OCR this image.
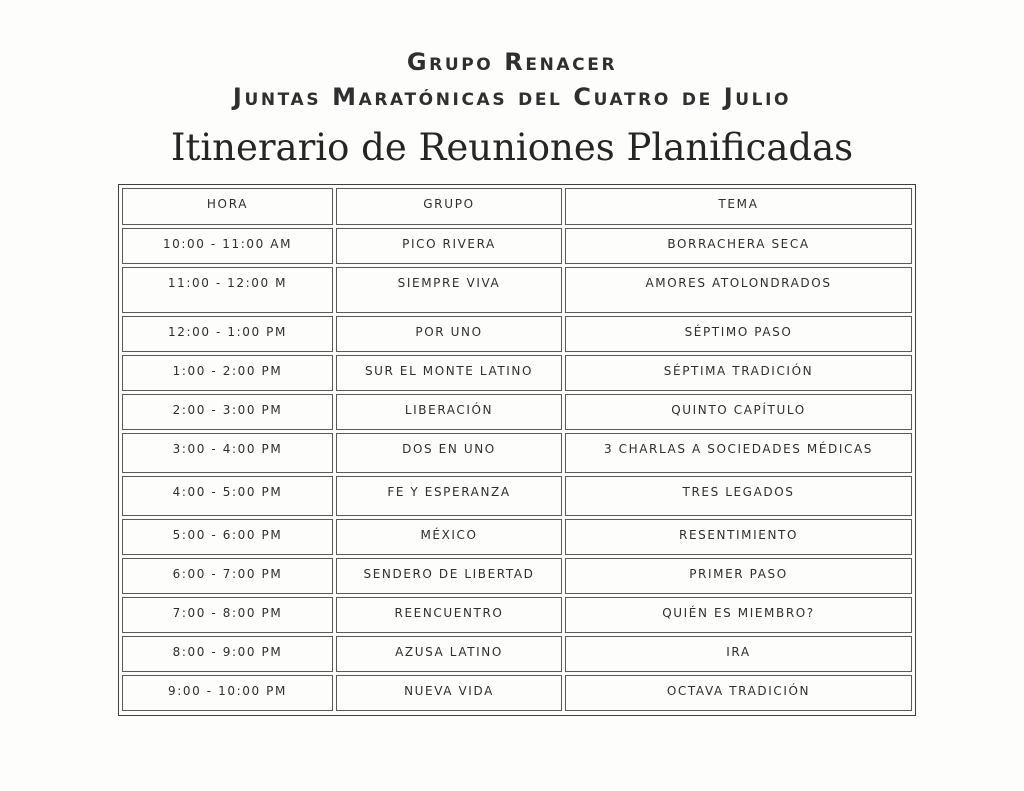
Grupo Renacer
Juntas Maratónicas del Cuatro de Julio
Itinerario de Reuniones Planificadas
HORA	GRUPO	TEMA
10:00 - 11:00 AM	PICO RIVERA	BORRACHERA SECA
11:00 - 12:00 M	SIEMPRE VIVA	AMORES ATOLONDRADOS
12:00 - 1:00 PM	POR UNO	SÉPTIMO PASO
1:00 - 2:00 PM	SUR EL MONTE LATINO	SÉPTIMA TRADICIÓN
2:00 - 3:00 PM	LIBERACIÓN	QUINTO CAPÍTULO
3:00 - 4:00 PM	DOS EN UNO	3 CHARLAS A SOCIEDADES MÉDICAS
4:00 - 5:00 PM	FE Y ESPERANZA	TRES LEGADOS
5:00 - 6:00 PM	MÉXICO	RESENTIMIENTO
6:00 - 7:00 PM	SENDERO DE LIBERTAD	PRIMER PASO
7:00 - 8:00 PM	REENCUENTRO	QUIÉN ES MIEMBRO?
8:00 - 9:00 PM	AZUSA LATINO	IRA
9:00 - 10:00 PM	NUEVA VIDA	OCTAVA TRADICIÓN
